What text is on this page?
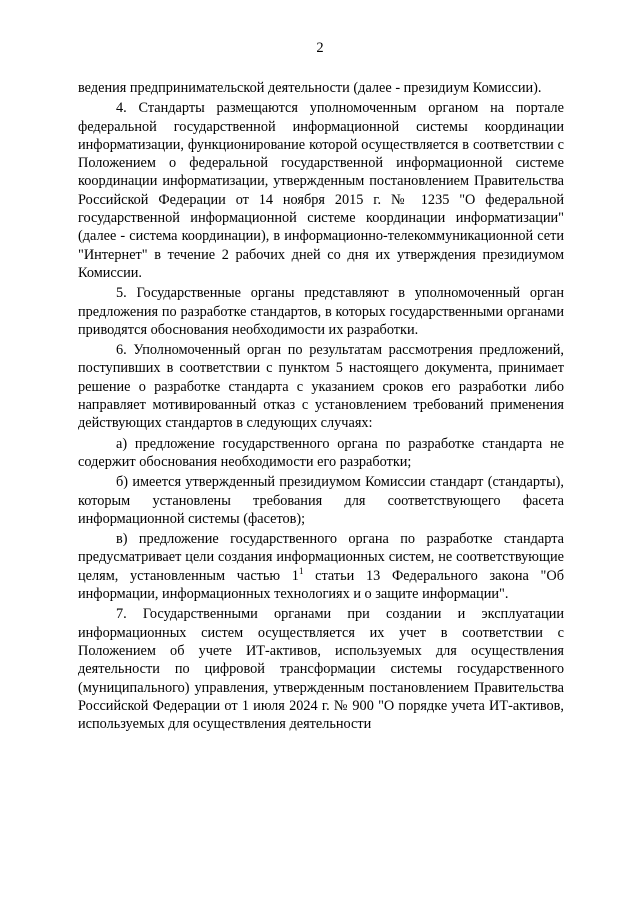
2

ведения предпринимательской деятельности (далее - президиум Комиссии).

4. Стандарты размещаются уполномоченным органом на портале федеральной государственной информационной системы координации информатизации, функционирование которой осуществляется в соответствии с Положением о федеральной государственной информационной системе координации информатизации, утвержденным постановлением Правительства Российской Федерации от 14 ноября 2015 г. № 1235 "О федеральной государственной информационной системе координации информатизации" (далее - система координации), в информационно-телекоммуникационной сети "Интернет" в течение 2 рабочих дней со дня их утверждения президиумом Комиссии.

5. Государственные органы представляют в уполномоченный орган предложения по разработке стандартов, в которых государственными органами приводятся обоснования необходимости их разработки.

6. Уполномоченный орган по результатам рассмотрения предложений, поступивших в соответствии с пунктом 5 настоящего документа, принимает решение о разработке стандарта с указанием сроков его разработки либо направляет мотивированный отказ с установлением требований применения действующих стандартов в следующих случаях:

а) предложение государственного органа по разработке стандарта не содержит обоснования необходимости его разработки;

б) имеется утвержденный президиумом Комиссии стандарт (стандарты), которым установлены требования для соответствующего фасета информационной системы (фасетов);

в) предложение государственного органа по разработке стандарта предусматривает цели создания информационных систем, не соответствующие целям, установленным частью $1^1$ статьи 13 Федерального закона "Об информации, информационных технологиях и о защите информации".

7. Государственными органами при создании и эксплуатации информационных систем осуществляется их учет в соответствии с Положением об учете ИТ-активов, используемых для осуществления деятельности по цифровой трансформации системы государственного (муниципального) управления, утвержденным постановлением Правительства Российской Федерации от 1 июля 2024 г. № 900 "О порядке учета ИТ-активов, используемых для осуществления деятельности
